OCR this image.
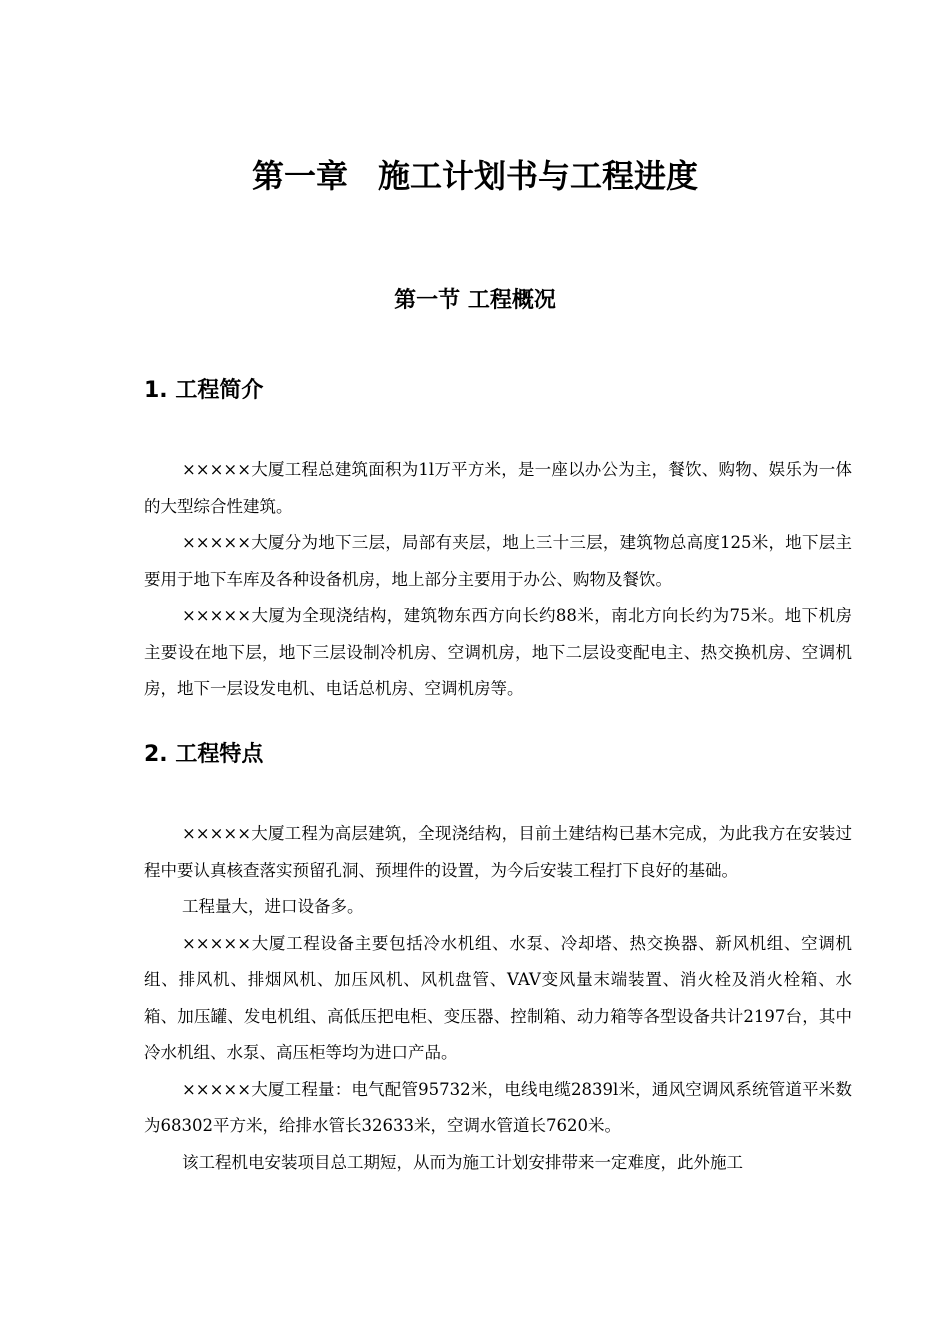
第一章 施工计划书与工程进度
第一节 工程概况
1. 工程简介

×××××大厦工程总建筑面积为1l万平方米，是一座以办公为主，餐饮、购物、娱乐为一体的大型综合性建筑。

×××××大厦分为地下三层，局部有夹层，地上三十三层，建筑物总高度125米，地下层主要用于地下车库及各种设备机房，地上部分主要用于办公、购物及餐饮。

×××××大厦为全现浇结构，建筑物东西方向长约88米，南北方向长约为75米。地下机房主要设在地下层，地下三层设制冷机房、空调机房，地下二层设变配电主、热交换机房、空调机房，地下一层设发电机、电话总机房、空调机房等。

2. 工程特点

×××××大厦工程为高层建筑，全现浇结构，目前土建结构已基木完成，为此我方在安装过程中要认真核查落实预留孔洞、预埋件的设置，为今后安装工程打下良好的基础。

工程量大，进口设备多。

×××××大厦工程设备主要包括冷水机组、水泵、冷却塔、热交换器、新风机组、空调机组、排风机、排烟风机、加压风机、风机盘管、VAV变风量末端装置、消火栓及消火栓箱、水箱、加压罐、发电机组、高低压把电柜、变压器、控制箱、动力箱等各型设备共计2197台，其中冷水机组、水泵、高压柜等均为进口产品。

×××××大厦工程量：电气配管95732米，电线电缆2839l米，通风空调风系统管道平米数为68302平方米，给排水管长32633米，空调水管道长7620米。

该工程机电安装项目总工期短，从而为施工计划安排带来一定难度，此外施工
